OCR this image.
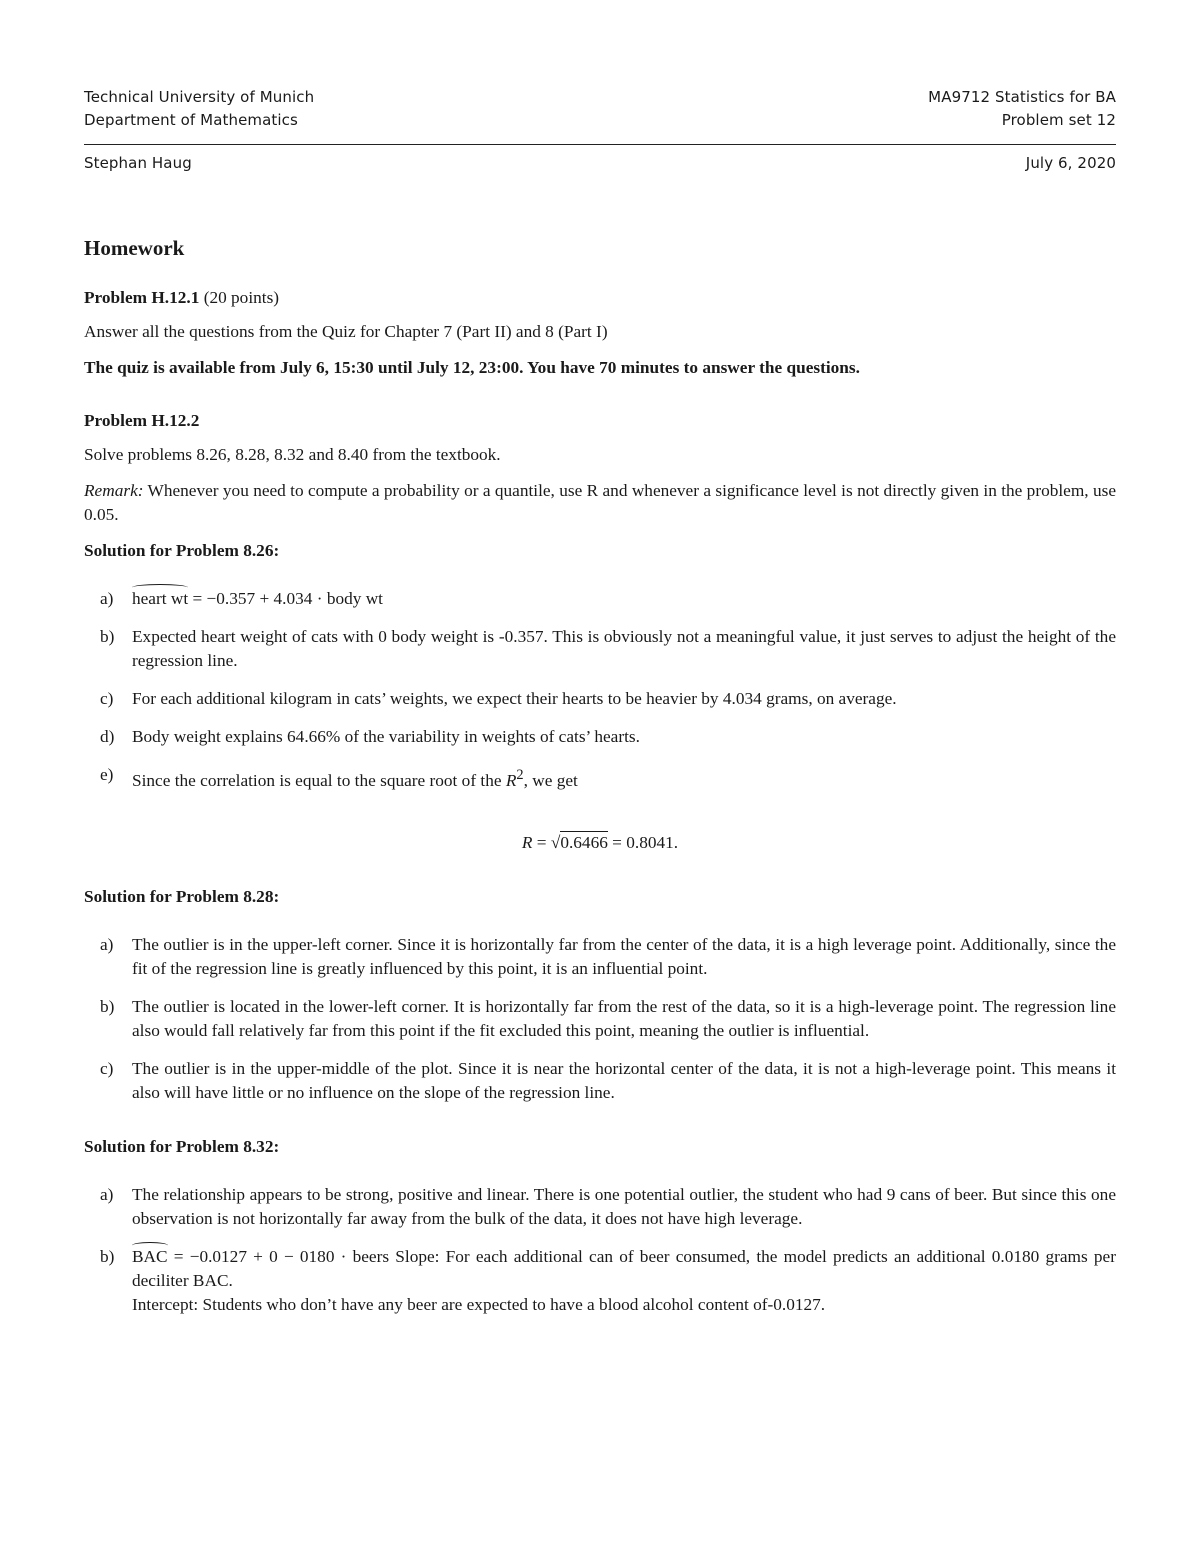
Technical University of Munich	MA9712 Statistics for BA
Department of Mathematics	Problem set 12
Stephan Haug	July 6, 2020
Homework
Problem H.12.1 (20 points)

Answer all the questions from the Quiz for Chapter 7 (Part II) and 8 (Part I)

The quiz is available from July 6, 15:30 until July 12, 23:00. You have 70 minutes to answer the questions.

Problem H.12.2

Solve problems 8.26, 8.28, 8.32 and 8.40 from the textbook.

Remark: Whenever you need to compute a probability or a quantile, use R and whenever a significance level is not directly given in the problem, use 0.05.

Solution for Problem 8.26:
a)	heart wt = −0.357 + 4.034 · body wt
b)	Expected heart weight of cats with 0 body weight is -0.357. This is obviously not a meaningful value, it just serves to adjust the height of the regression line.
c)	For each additional kilogram in cats’ weights, we expect their hearts to be heavier by 4.034 grams, on average.
d)	Body weight explains 64.66% of the variability in weights of cats’ hearts.
e)	Since the correlation is equal to the square root of the $R^2$, we get
R = √0.6466 = 0.8041.
Solution for Problem 8.28:
a)	The outlier is in the upper-left corner. Since it is horizontally far from the center of the data, it is a high leverage point. Additionally, since the fit of the regression line is greatly influenced by this point, it is an influential point.
b)	The outlier is located in the lower-left corner. It is horizontally far from the rest of the data, so it is a high-leverage point. The regression line also would fall relatively far from this point if the fit excluded this point, meaning the outlier is influential.
c)	The outlier is in the upper-middle of the plot. Since it is near the horizontal center of the data, it is not a high-leverage point. This means it also will have little or no influence on the slope of the regression line.
Solution for Problem 8.32:
a)	The relationship appears to be strong, positive and linear. There is one potential outlier, the student who had 9 cans of beer. But since this one observation is not horizontally far away from the bulk of the data, it does not have high leverage.
b)	BAC = −0.0127 + 0 − 0180 · beers Slope: For each additional can of beer consumed, the model predicts an additional 0.0180 grams per deciliter BAC.
Intercept: Students who don’t have any beer are expected to have a blood alcohol content of-0.0127.
